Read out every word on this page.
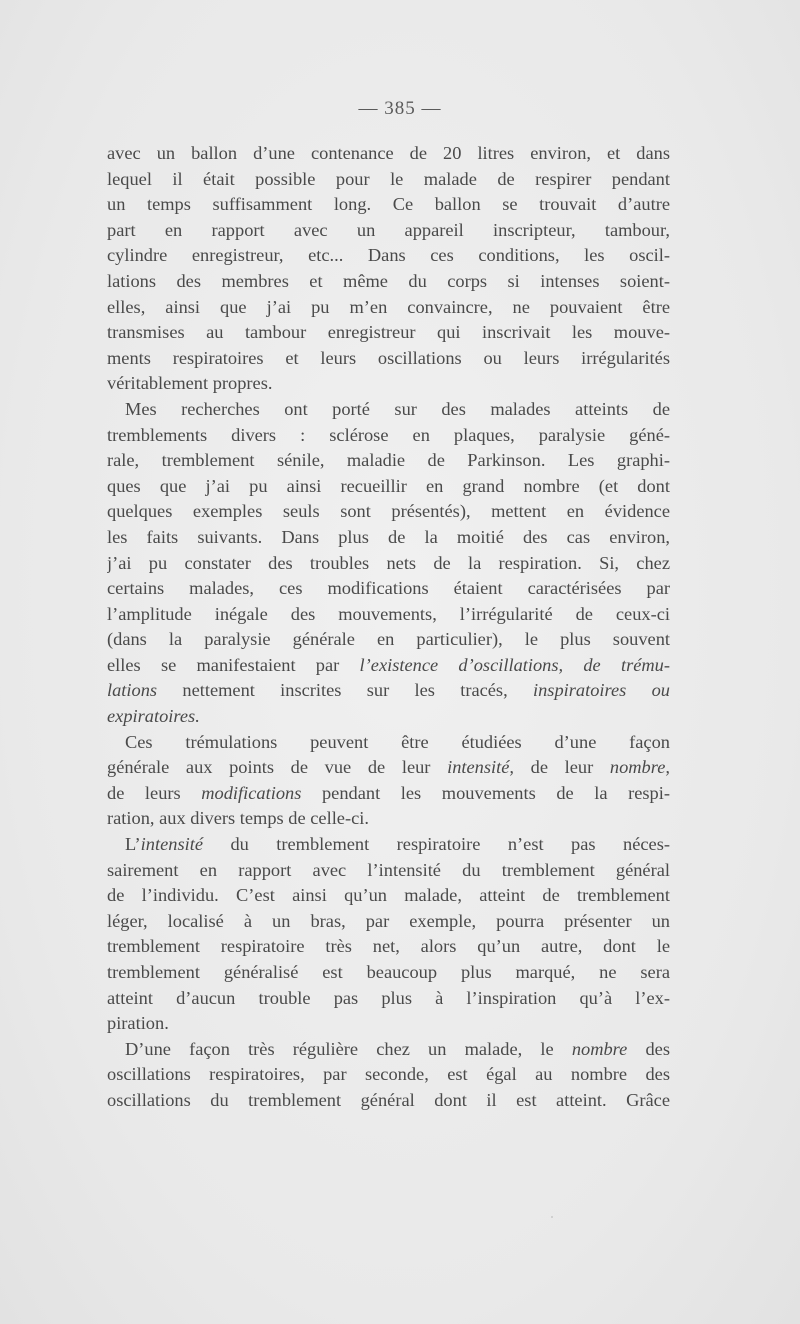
— 385 —
avec un ballon d’une contenance de 20 litres environ, et dans
lequel il était possible pour le malade de respirer pendant
un temps suffisamment long. Ce ballon se trouvait d’autre
part en rapport avec un appareil inscripteur, tambour,
cylindre enregistreur, etc... Dans ces conditions, les oscil-
lations des membres et même du corps si intenses soient-
elles, ainsi que j’ai pu m’en convaincre, ne pouvaient être
transmises au tambour enregistreur qui inscrivait les mouve-
ments respiratoires et leurs oscillations ou leurs irrégularités
véritablement propres.
Mes recherches ont porté sur des malades atteints de
tremblements divers : sclérose en plaques, paralysie géné-
rale, tremblement sénile, maladie de Parkinson. Les graphi-
ques que j’ai pu ainsi recueillir en grand nombre (et dont
quelques exemples seuls sont présentés), mettent en évidence
les faits suivants. Dans plus de la moitié des cas environ,
j’ai pu constater des troubles nets de la respiration. Si, chez
certains malades, ces modifications étaient caractérisées par
l’amplitude inégale des mouvements, l’irrégularité de ceux-ci
(dans la paralysie générale en particulier), le plus souvent
elles se manifestaient par l’existence d’oscillations, de trému-
lations nettement inscrites sur les tracés, inspiratoires ou
expiratoires.
Ces trémulations peuvent être étudiées d’une façon
générale aux points de vue de leur intensité, de leur nombre,
de leurs modifications pendant les mouvements de la respi-
ration, aux divers temps de celle-ci.
L’intensité du tremblement respiratoire n’est pas néces-
sairement en rapport avec l’intensité du tremblement général
de l’individu. C’est ainsi qu’un malade, atteint de tremblement
léger, localisé à un bras, par exemple, pourra présenter un
tremblement respiratoire très net, alors qu’un autre, dont le
tremblement généralisé est beaucoup plus marqué, ne sera
atteint d’aucun trouble pas plus à l’inspiration qu’à l’ex-
piration.
D’une façon très régulière chez un malade, le nombre des
oscillations respiratoires, par seconde, est égal au nombre des
oscillations du tremblement général dont il est atteint. Grâce
